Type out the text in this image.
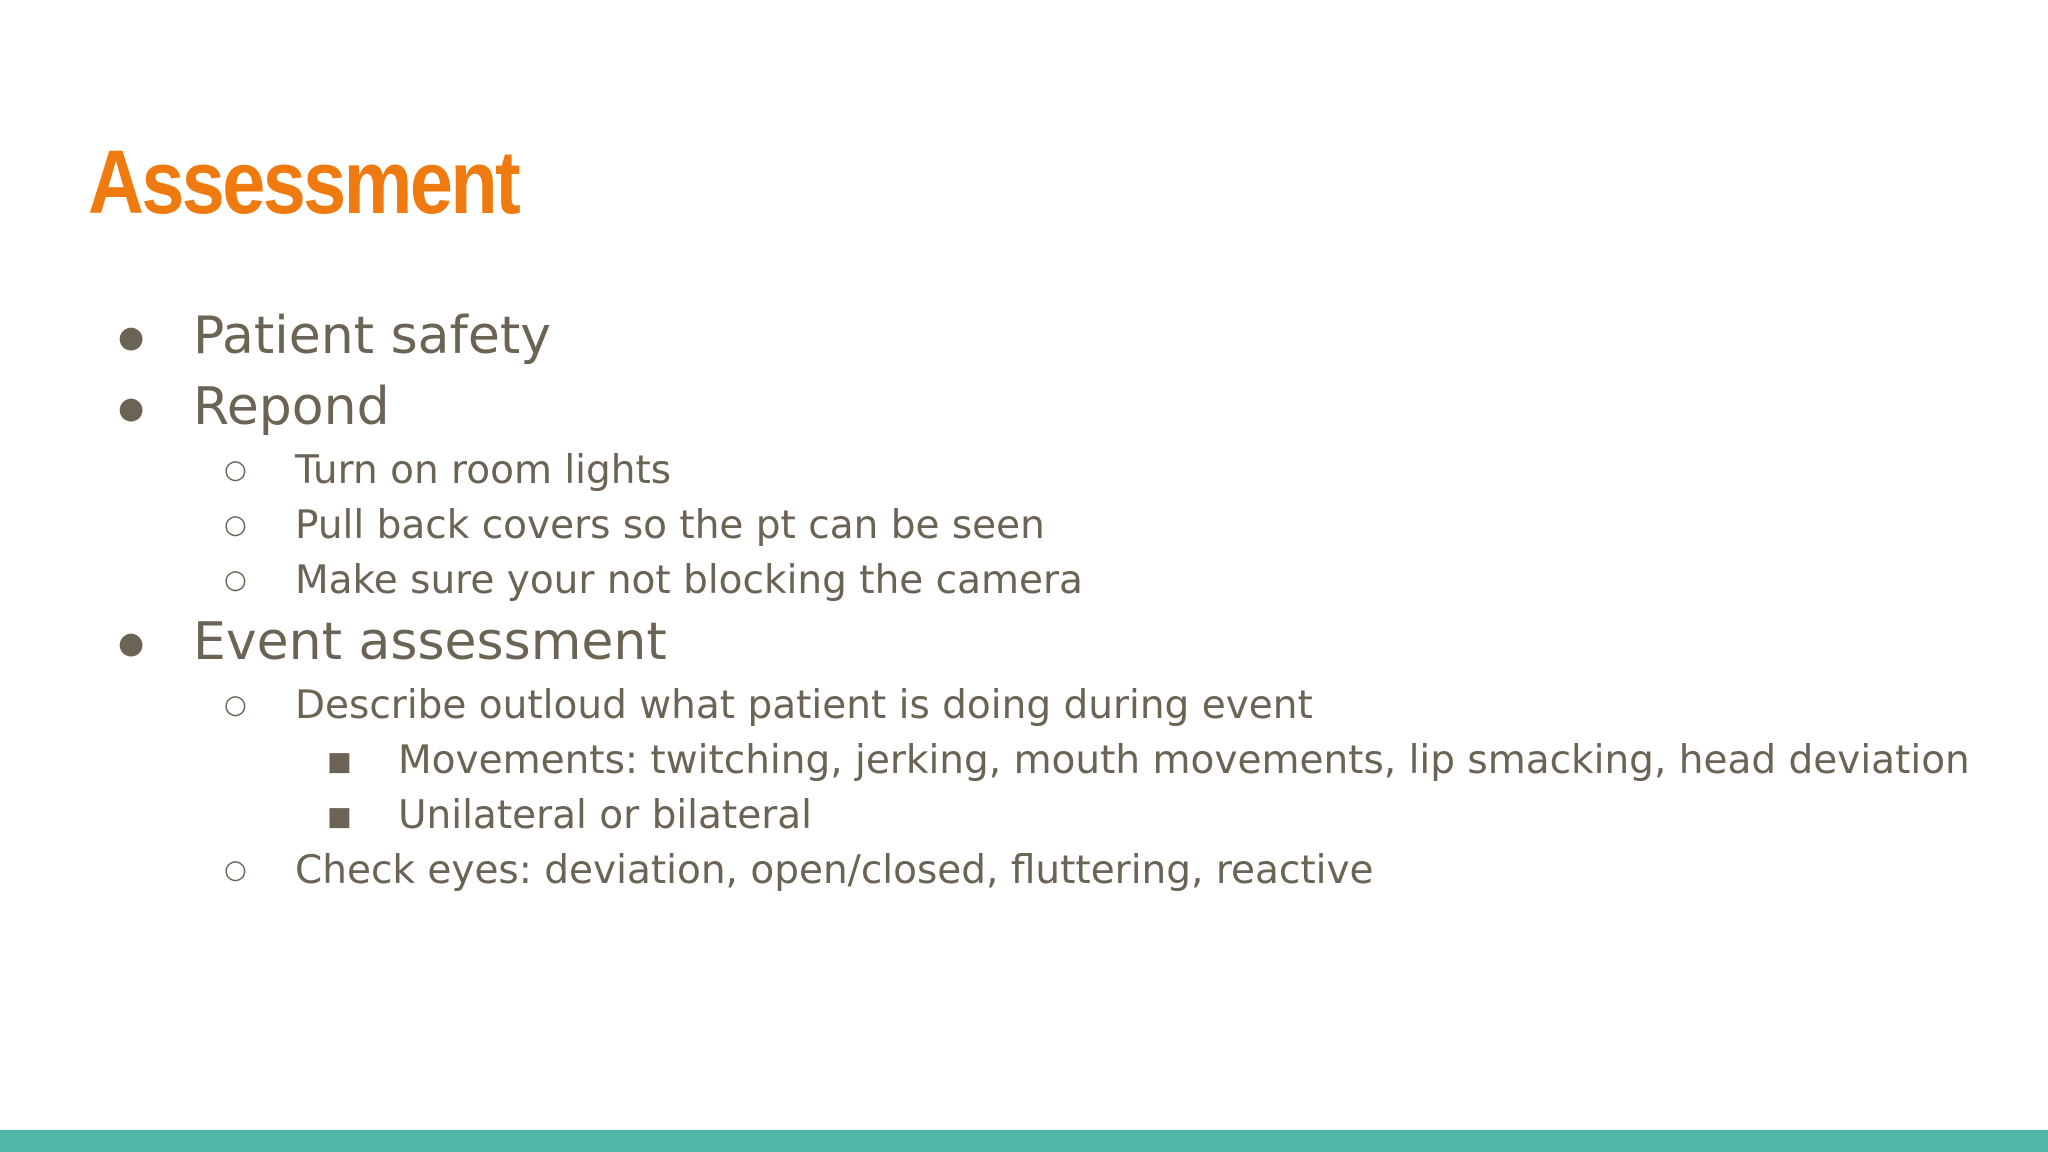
Assessment
● Patient safety
● Repond
○ Turn on room lights
○ Pull back covers so the pt can be seen
○ Make sure your not blocking the camera
● Event assessment
○ Describe outloud what patient is doing during event
■ Movements: twitching, jerking, mouth movements, lip smacking, head deviation
■ Unilateral or bilateral
○ Check eyes: deviation, open/closed, fluttering, reactive
